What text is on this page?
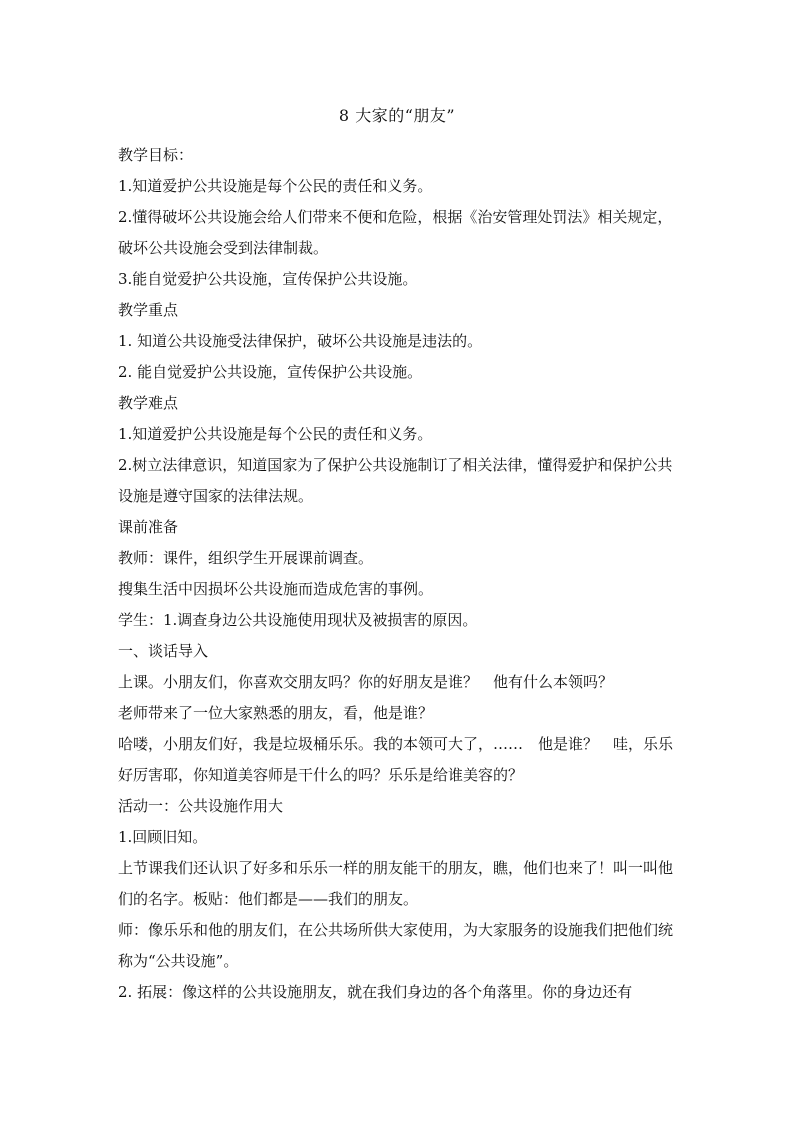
8 大家的“朋友”

教学目标：

1.知道爱护公共设施是每个公民的责任和义务。

2.懂得破坏公共设施会给人们带来不便和危险，根据《治安管理处罚法》相关规定，破坏公共设施会受到法律制裁。

3.能自觉爱护公共设施，宣传保护公共设施。

教学重点

1. 知道公共设施受法律保护，破坏公共设施是违法的。

2. 能自觉爱护公共设施，宣传保护公共设施。

教学难点

1.知道爱护公共设施是每个公民的责任和义务。

2.树立法律意识，知道国家为了保护公共设施制订了相关法律，懂得爱护和保护公共设施是遵守国家的法律法规。

课前准备

教师：课件，组织学生开展课前调查。

搜集生活中因损坏公共设施而造成危害的事例。

学生：1.调查身边公共设施使用现状及被损害的原因。

一、谈话导入

上课。小朋友们，你喜欢交朋友吗？你的好朋友是谁？　他有什么本领吗？

老师带来了一位大家熟悉的朋友，看，他是谁？

哈喽，小朋友们好，我是垃圾桶乐乐。我的本领可大了，……　他是谁？　哇，乐乐好厉害耶，你知道美容师是干什么的吗？乐乐是给谁美容的？

活动一：公共设施作用大

1.回顾旧知。

上节课我们还认识了好多和乐乐一样的朋友能干的朋友，瞧，他们也来了！叫一叫他们的名字。板贴：他们都是——我们的朋友。

师：像乐乐和他的朋友们，在公共场所供大家使用，为大家服务的设施我们把他们统称为“公共设施”。

2. 拓展：像这样的公共设施朋友，就在我们身边的各个角落里。你的身边还有
